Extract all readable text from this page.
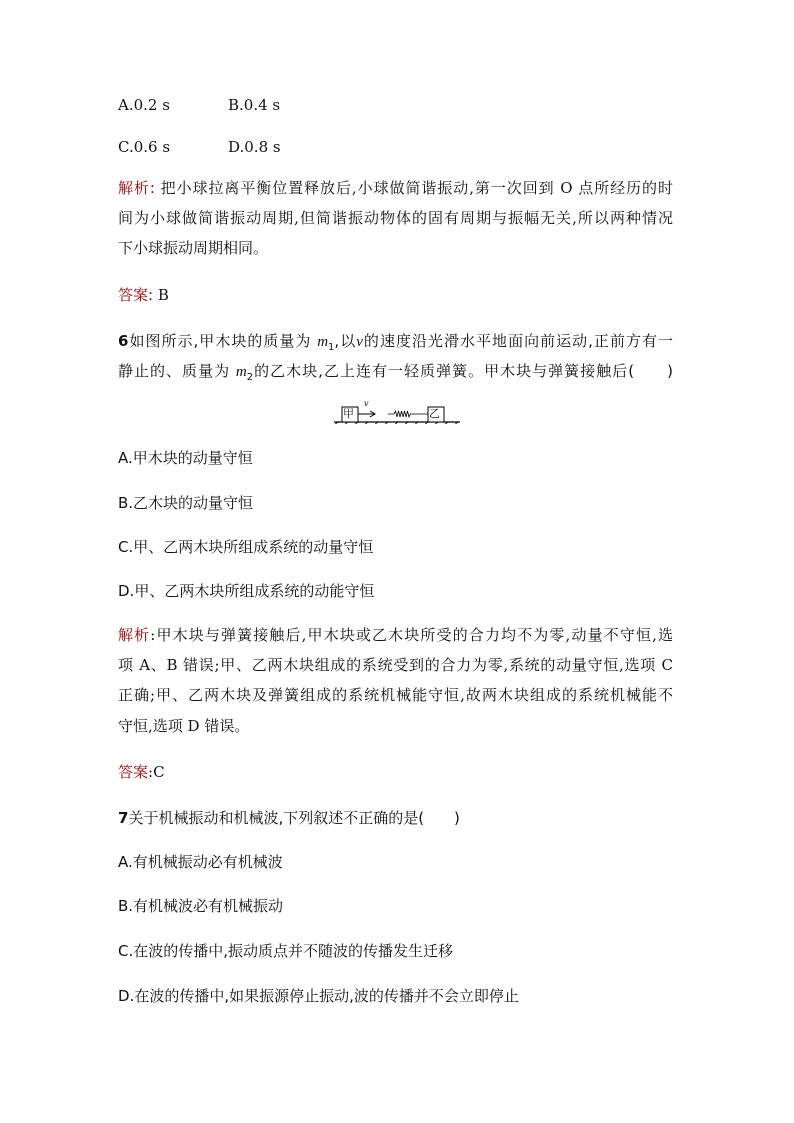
A.0.2 s	B.0.4 s
C.0.6 s	D.0.8 s
解析: 把小球拉离平衡位置释放后,小球做简谐振动,第一次回到 O 点所经历的时
间为小球做简谐振动周期,但简谐振动物体的固有周期与振幅无关,所以两种情况
下小球振动周期相同。
答案: B
6如图所示,甲木块的质量为 $m_1$,以v的速度沿光滑水平地面向前运动,正前方有一
静止的、质量为 $m_2$的乙木块,乙上连有一轻质弹簧。甲木块与弹簧接触后(　　)
甲
v
乙
A.甲木块的动量守恒
B.乙木块的动量守恒
C.甲、乙两木块所组成系统的动量守恒
D.甲、乙两木块所组成系统的动能守恒
解析:甲木块与弹簧接触后,甲木块或乙木块所受的合力均不为零,动量不守恒,选
项 A、B 错误;甲、乙两木块组成的系统受到的合力为零,系统的动量守恒,选项 C
正确;甲、乙两木块及弹簧组成的系统机械能守恒,故两木块组成的系统机械能不
守恒,选项 D 错误。
答案:C
7关于机械振动和机械波,下列叙述不正确的是(　　)
A.有机械振动必有机械波
B.有机械波必有机械振动
C.在波的传播中,振动质点并不随波的传播发生迁移
D.在波的传播中,如果振源停止振动,波的传播并不会立即停止
